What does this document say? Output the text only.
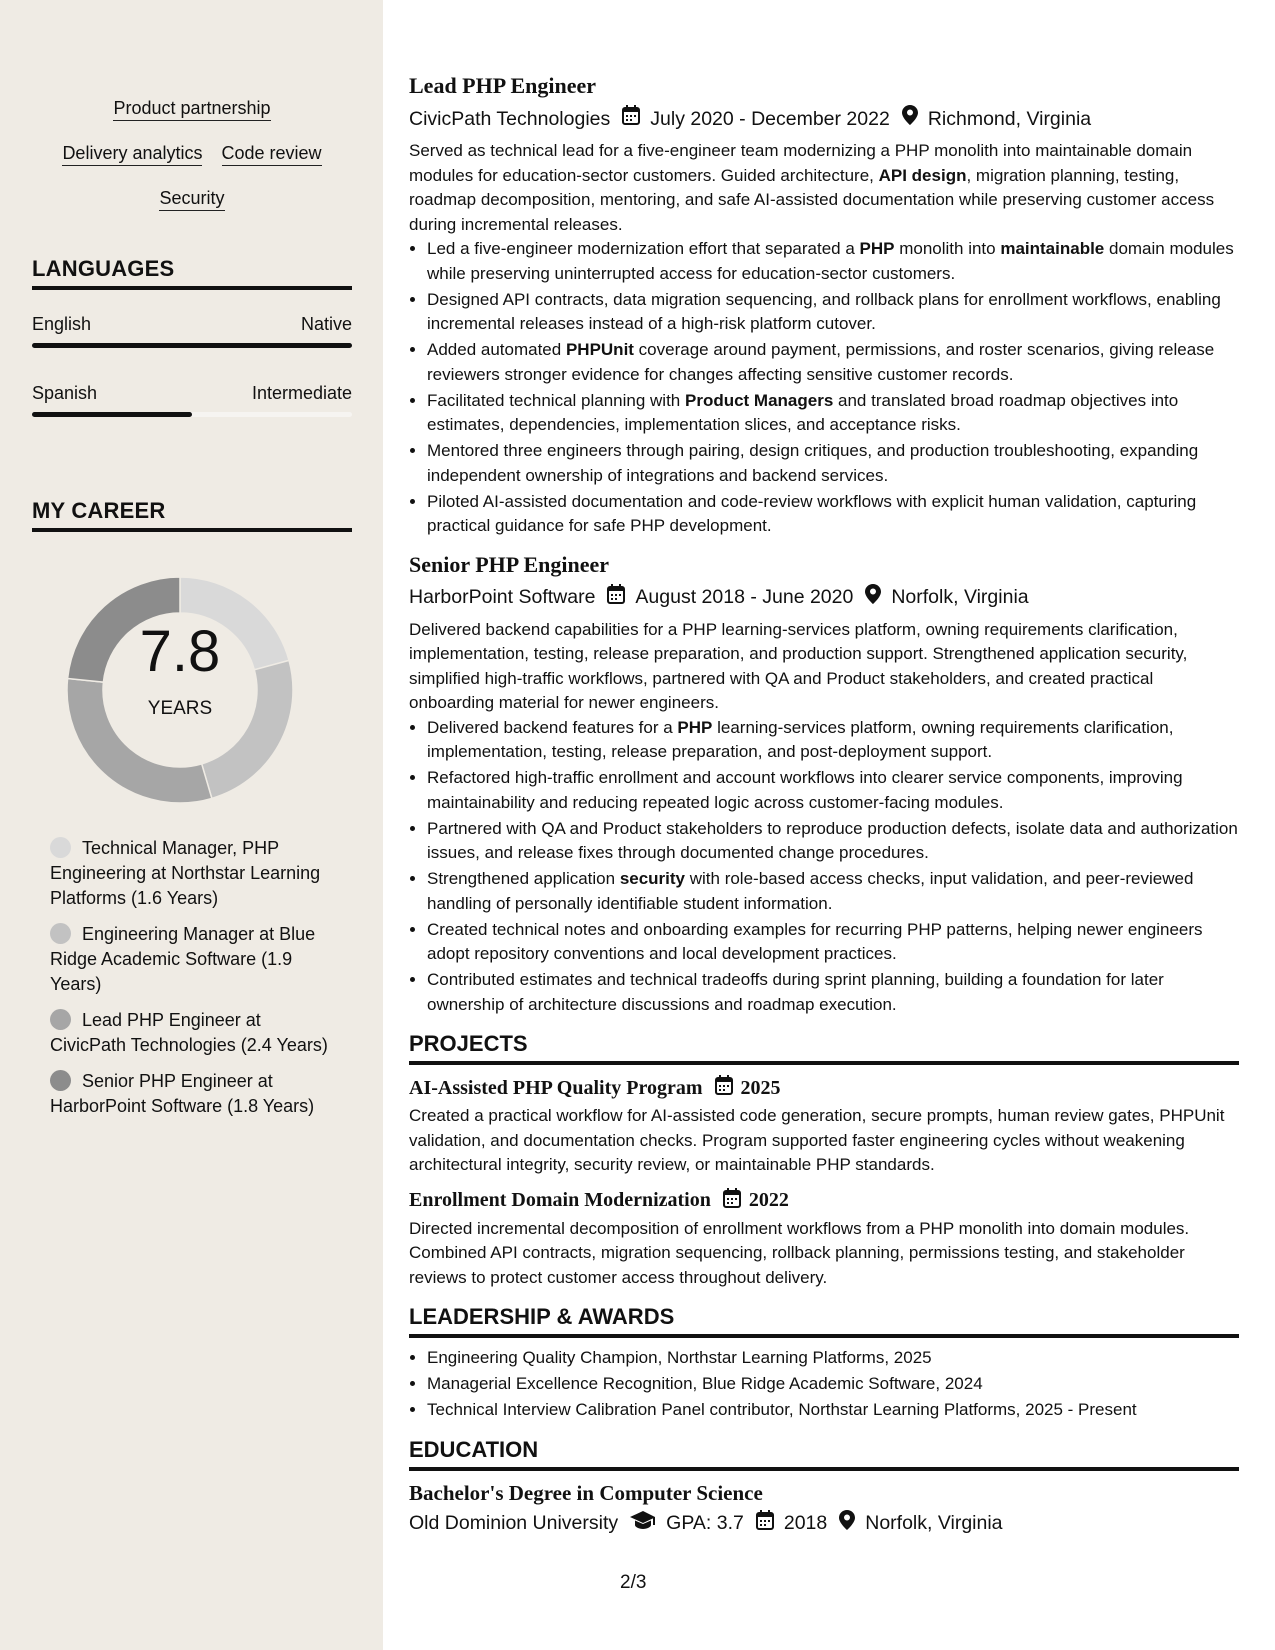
Product partnership
Delivery analytics Code review
Security
LANGUAGES
English	Native
Spanish	Intermediate
MY CAREER
7.8
YEARS
Technical Manager, PHP Engineering at Northstar Learning Platforms (1.6 Years)
Engineering Manager at Blue Ridge Academic Software (1.9 Years)
Lead PHP Engineer at CivicPath Technologies (2.4 Years)
Senior PHP Engineer at HarborPoint Software (1.8 Years)
Lead PHP Engineer
CivicPath Technologies July 2020 - December 2022 Richmond, Virginia
Served as technical lead for a five-engineer team modernizing a PHP monolith into maintainable domain modules for education-sector customers. Guided architecture, API design, migration planning, testing, roadmap decomposition, mentoring, and safe AI-assisted documentation while preserving customer access during incremental releases.
• Led a five-engineer modernization effort that separated a PHP monolith into maintainable domain modules while preserving uninterrupted access for education-sector customers.
• Designed API contracts, data migration sequencing, and rollback plans for enrollment workflows, enabling incremental releases instead of a high-risk platform cutover.
• Added automated PHPUnit coverage around payment, permissions, and roster scenarios, giving release reviewers stronger evidence for changes affecting sensitive customer records.
• Facilitated technical planning with Product Managers and translated broad roadmap objectives into estimates, dependencies, implementation slices, and acceptance risks.
• Mentored three engineers through pairing, design critiques, and production troubleshooting, expanding independent ownership of integrations and backend services.
• Piloted AI-assisted documentation and code-review workflows with explicit human validation, capturing practical guidance for safe PHP development.
Senior PHP Engineer
HarborPoint Software August 2018 - June 2020 Norfolk, Virginia
Delivered backend capabilities for a PHP learning-services platform, owning requirements clarification, implementation, testing, release preparation, and production support. Strengthened application security, simplified high-traffic workflows, partnered with QA and Product stakeholders, and created practical onboarding material for newer engineers.
• Delivered backend features for a PHP learning-services platform, owning requirements clarification, implementation, testing, release preparation, and post-deployment support.
• Refactored high-traffic enrollment and account workflows into clearer service components, improving maintainability and reducing repeated logic across customer-facing modules.
• Partnered with QA and Product stakeholders to reproduce production defects, isolate data and authorization issues, and release fixes through documented change procedures.
• Strengthened application security with role-based access checks, input validation, and peer-reviewed handling of personally identifiable student information.
• Created technical notes and onboarding examples for recurring PHP patterns, helping newer engineers adopt repository conventions and local development practices.
• Contributed estimates and technical tradeoffs during sprint planning, building a foundation for later ownership of architecture discussions and roadmap execution.
PROJECTS
AI-Assisted PHP Quality Program 2025
Created a practical workflow for AI-assisted code generation, secure prompts, human review gates, PHPUnit validation, and documentation checks. Program supported faster engineering cycles without weakening architectural integrity, security review, or maintainable PHP standards.
Enrollment Domain Modernization 2022
Directed incremental decomposition of enrollment workflows from a PHP monolith into domain modules. Combined API contracts, migration sequencing, rollback planning, permissions testing, and stakeholder reviews to protect customer access throughout delivery.
LEADERSHIP & AWARDS
• Engineering Quality Champion, Northstar Learning Platforms, 2025
• Managerial Excellence Recognition, Blue Ridge Academic Software, 2024
• Technical Interview Calibration Panel contributor, Northstar Learning Platforms, 2025 - Present
EDUCATION
Bachelor's Degree in Computer Science
Old Dominion University GPA: 3.7 2018 Norfolk, Virginia
2/3
